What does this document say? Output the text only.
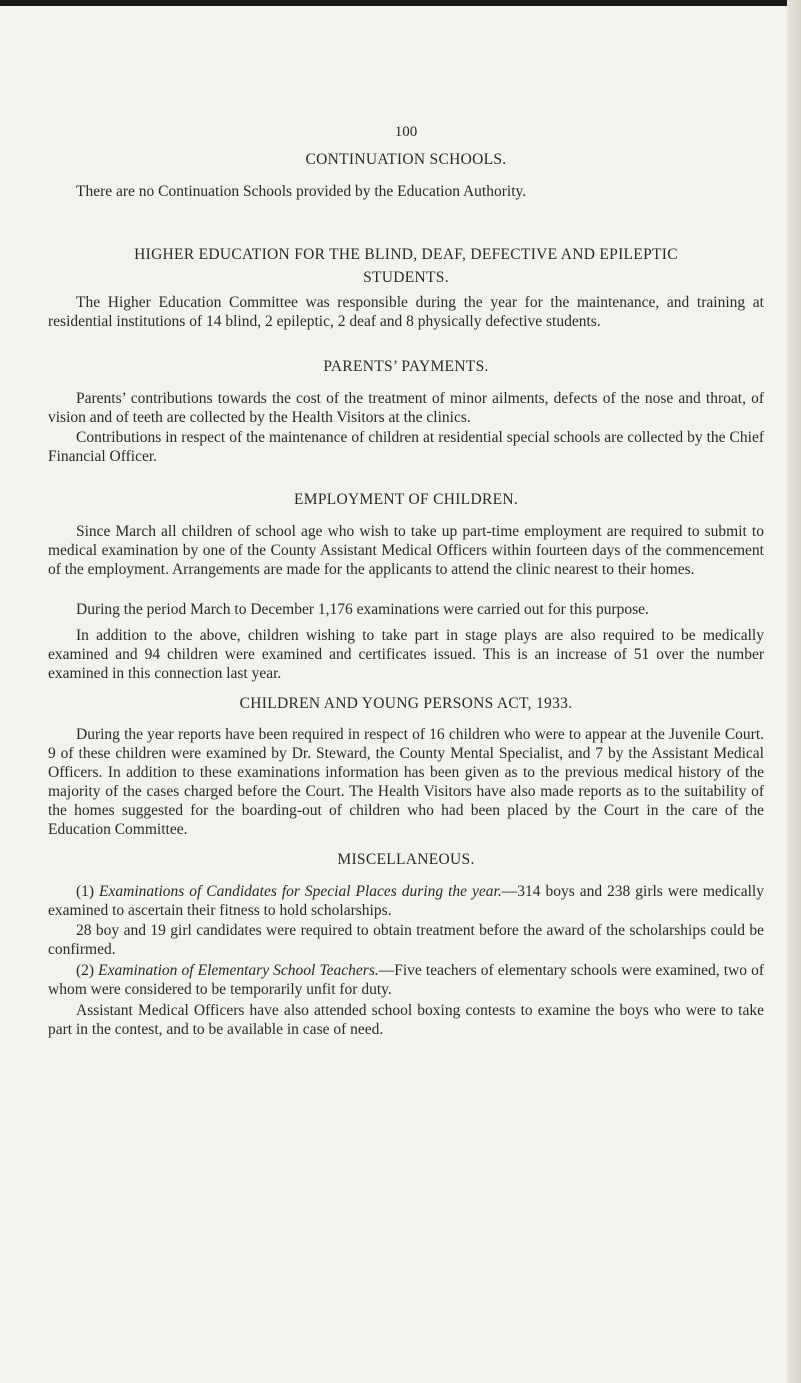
100
CONTINUATION SCHOOLS.

There are no Continuation Schools provided by the Education Authority.

HIGHER EDUCATION FOR THE BLIND, DEAF, DEFECTIVE AND EPILEPTIC STUDENTS.

The Higher Education Committee was responsible during the year for the maintenance, and training at residential institutions of 14 blind, 2 epileptic, 2 deaf and 8 physically defective students.

PARENTS’ PAYMENTS.

Parents’ contributions towards the cost of the treatment of minor ailments, defects of the nose and throat, of vision and of teeth are collected by the Health Visitors at the clinics.

Contributions in respect of the maintenance of children at residential special schools are collected by the Chief Financial Officer.

EMPLOYMENT OF CHILDREN.

Since March all children of school age who wish to take up part-time employment are required to submit to medical examination by one of the County Assistant Medical Officers within fourteen days of the commencement of the employment. Arrangements are made for the applicants to attend the clinic nearest to their homes.

During the period March to December 1,176 examinations were carried out for this purpose.

In addition to the above, children wishing to take part in stage plays are also required to be medically examined and 94 children were examined and certificates issued. This is an increase of 51 over the number examined in this connection last year.

CHILDREN AND YOUNG PERSONS ACT, 1933.

During the year reports have been required in respect of 16 children who were to appear at the Juvenile Court. 9 of these children were examined by Dr. Steward, the County Mental Specialist, and 7 by the Assistant Medical Officers. In addition to these examinations information has been given as to the previous medical history of the majority of the cases charged before the Court. The Health Visitors have also made reports as to the suitability of the homes suggested for the boarding-out of children who had been placed by the Court in the care of the Education Committee.

MISCELLANEOUS.

(1) Examinations of Candidates for Special Places during the year.—314 boys and 238 girls were medically examined to ascertain their fitness to hold scholarships.

28 boy and 19 girl candidates were required to obtain treatment before the award of the scholarships could be confirmed.

(2) Examination of Elementary School Teachers.—Five teachers of elementary schools were examined, two of whom were considered to be temporarily unfit for duty.

Assistant Medical Officers have also attended school boxing contests to examine the boys who were to take part in the contest, and to be available in case of need.
